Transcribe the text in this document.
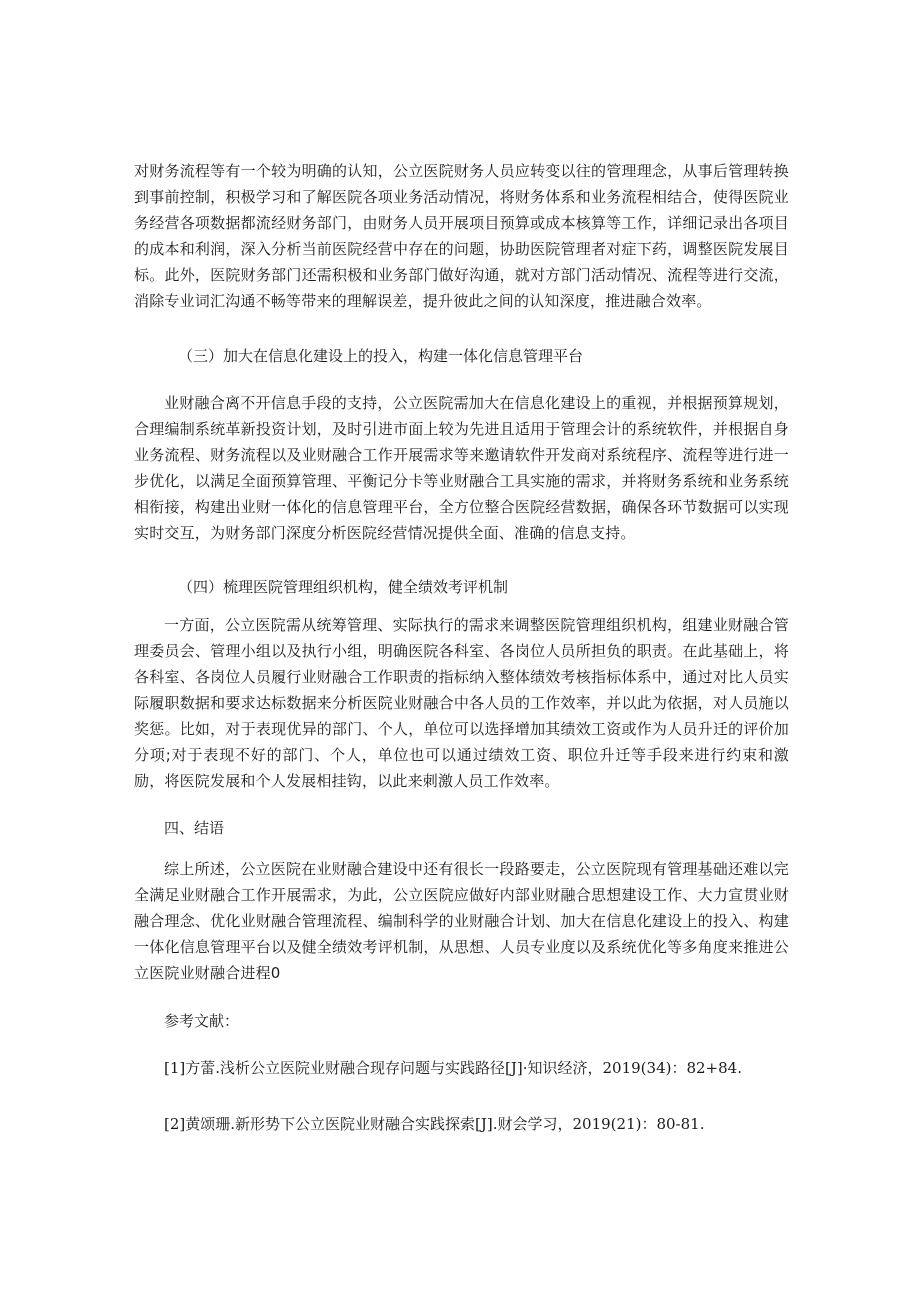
对财务流程等有一个较为明确的认知，公立医院财务人员应转变以往的管理理念，从事后管理转换到事前控制，积极学习和了解医院各项业务活动情况，将财务体系和业务流程相结合，使得医院业务经营各项数据都流经财务部门，由财务人员开展项目预算或成本核算等工作，详细记录出各项目的成本和利润，深入分析当前医院经营中存在的问题，协助医院管理者对症下药，调整医院发展目标。此外，医院财务部门还需积极和业务部门做好沟通，就对方部门活动情况、流程等进行交流，消除专业词汇沟通不畅等带来的理解误差，提升彼此之间的认知深度，推进融合效率。
（三）加大在信息化建设上的投入，构建一体化信息管理平台
业财融合离不开信息手段的支持，公立医院需加大在信息化建设上的重视，并根据预算规划，合理编制系统革新投资计划，及时引进市面上较为先进且适用于管理会计的系统软件，并根据自身业务流程、财务流程以及业财融合工作开展需求等来邀请软件开发商对系统程序、流程等进行进一步优化，以满足全面预算管理、平衡记分卡等业财融合工具实施的需求，并将财务系统和业务系统相衔接，构建出业财一体化的信息管理平台，全方位整合医院经营数据，确保各环节数据可以实现实时交互，为财务部门深度分析医院经营情况提供全面、准确的信息支持。
（四）梳理医院管理组织机构，健全绩效考评机制
一方面，公立医院需从统筹管理、实际执行的需求来调整医院管理组织机构，组建业财融合管理委员会、管理小组以及执行小组，明确医院各科室、各岗位人员所担负的职责。在此基础上，将各科室、各岗位人员履行业财融合工作职责的指标纳入整体绩效考核指标体系中，通过对比人员实际履职数据和要求达标数据来分析医院业财融合中各人员的工作效率，并以此为依据，对人员施以奖惩。比如，对于表现优异的部门、个人，单位可以选择增加其绩效工资或作为人员升迁的评价加分项;对于表现不好的部门、个人，单位也可以通过绩效工资、职位升迁等手段来进行约束和激励，将医院发展和个人发展相挂钩，以此来刺激人员工作效率。
四、结语
综上所述，公立医院在业财融合建设中还有很长一段路要走，公立医院现有管理基础还难以完全满足业财融合工作开展需求，为此，公立医院应做好内部业财融合思想建设工作、大力宣贯业财融合理念、优化业财融合管理流程、编制科学的业财融合计划、加大在信息化建设上的投入、构建一体化信息管理平台以及健全绩效考评机制，从思想、人员专业度以及系统优化等多角度来推进公立医院业财融合进程0
参考文献：
[1]方蕾.浅析公立医院业财融合现存问题与实践路径[J]·知识经济，2019(34)：82+84.
[2]黄颂珊.新形势下公立医院业财融合实践探索[J].财会学习，2019(21)：80-81.
